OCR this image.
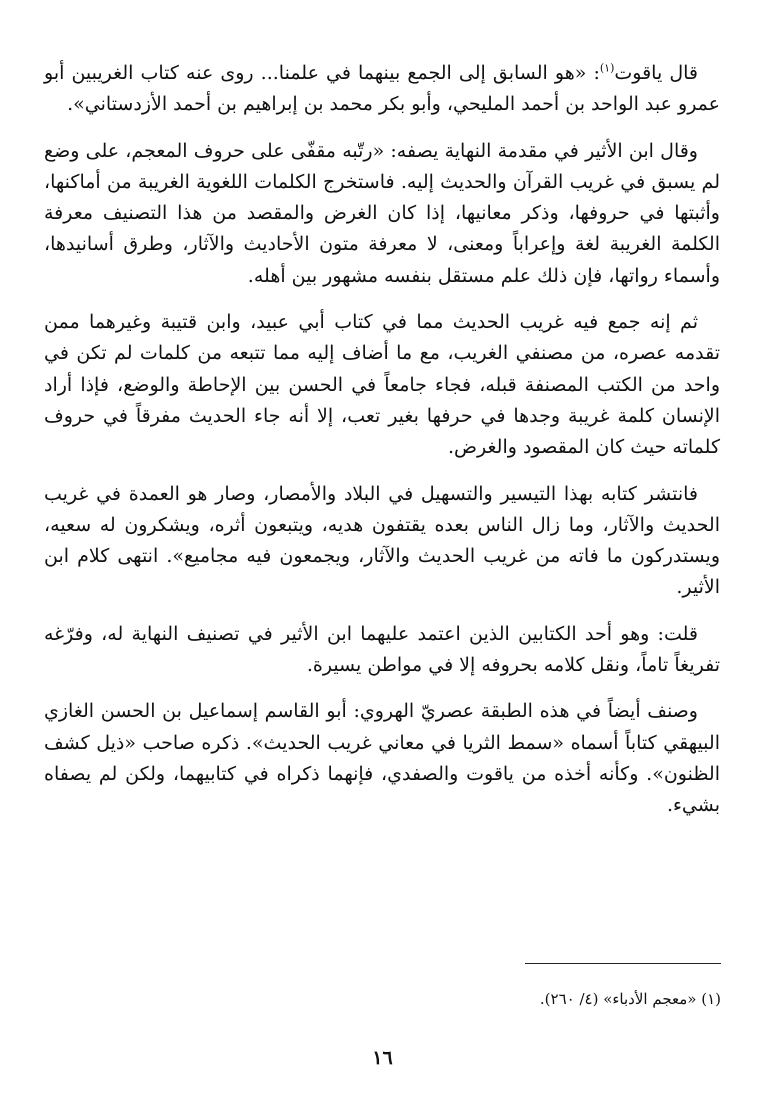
قال ياقوت$^{(١)}$: «هو السابق إلى الجمع بينهما في علمنا... روى عنه كتاب الغريبين أبو عمرو عبد الواحد بن أحمد المليحي، وأبو بكر محمد بن إبراهيم بن أحمد الأزدستاني».

وقال ابن الأثير في مقدمة النهاية يصفه: «رتّبه مقفّى على حروف المعجم، على وضع لم يسبق في غريب القرآن والحديث إليه. فاستخرج الكلمات اللغوية الغريبة من أماكنها، وأثبتها في حروفها، وذكر معانيها، إذا كان الغرض والمقصد من هذا التصنيف معرفة الكلمة الغريبة لغة وإعراباً ومعنى، لا معرفة متون الأحاديث والآثار، وطرق أسانيدها، وأسماء رواتها، فإن ذلك علم مستقل بنفسه مشهور بين أهله.

ثم إنه جمع فيه غريب الحديث مما في كتاب أبي عبيد، وابن قتيبة وغيرهما ممن تقدمه عصره، من مصنفي الغريب، مع ما أضاف إليه مما تتبعه من كلمات لم تكن في واحد من الكتب المصنفة قبله، فجاء جامعاً في الحسن بين الإحاطة والوضع، فإذا أراد الإنسان كلمة غريبة وجدها في حرفها بغير تعب، إلا أنه جاء الحديث مفرقاً في حروف كلماته حيث كان المقصود والغرض.

فانتشر كتابه بهذا التيسير والتسهيل في البلاد والأمصار، وصار هو العمدة في غريب الحديث والآثار، وما زال الناس بعده يقتفون هديه، ويتبعون أثره، ويشكرون له سعيه، ويستدركون ما فاته من غريب الحديث والآثار، ويجمعون فيه مجاميع». انتهى كلام ابن الأثير.

قلت: وهو أحد الكتابين الذين اعتمد عليهما ابن الأثير في تصنيف النهاية له، وفرّغه تفريغاً تاماً، ونقل كلامه بحروفه إلا في مواطن يسيرة.

وصنف أيضاً في هذه الطبقة عصريّ الهروي: أبو القاسم إسماعيل بن الحسن الغازي البيهقي كتاباً أسماه «سمط الثريا في معاني غريب الحديث». ذكره صاحب «ذيل كشف الظنون». وكأنه أخذه من ياقوت والصفدي، فإنهما ذكراه في كتابيهما، ولكن لم يصفاه بشيء.

(١) «معجم الأدباء» (٤/ ٢٦٠).
١٦
